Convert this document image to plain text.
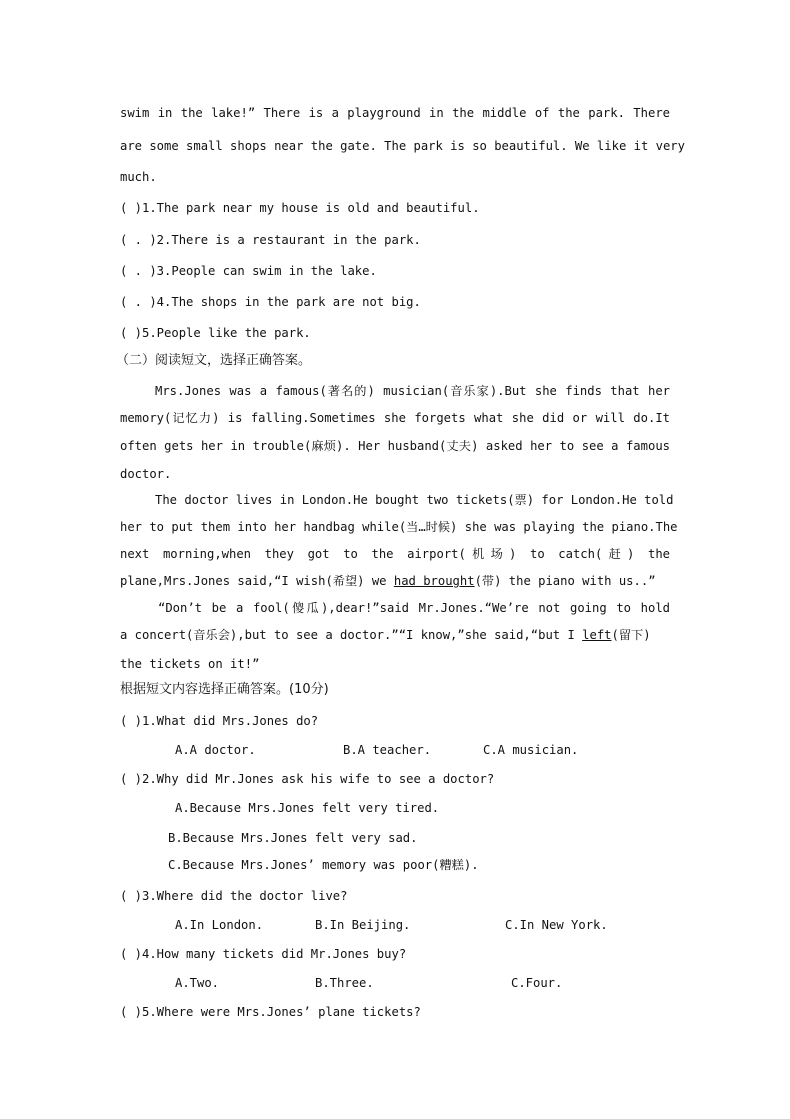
swim in the lake!” There is a playground in the middle of the park. There
are some small shops near the gate. The park is so beautiful. We like it very
much.
( )1.The park near my house is old and beautiful.
( . )2.There is a restaurant in the park.
( . )3.People can swim in the lake.
( . )4.The shops in the park are not big.
( )5.People like the park.
（二）阅读短文，选择正确答案。
Mrs.Jones was a famous(著名的) musician(音乐家).But she finds that her
memory(记忆力) is falling.Sometimes she forgets what she did or will do.It
often gets her in trouble(麻烦). Her husband(丈夫) asked her to see a famous
doctor.
The doctor lives in London.He bought two tickets(票) for London.He told
her to put them into her handbag while(当…时候) she was playing the piano.The
next morning,when they got to the airport(机场) to catch(赶) the
plane,Mrs.Jones said,“I wish(希望) we had brought(带) the piano with us..”
“Don’t be a fool(傻瓜),dear!”said Mr.Jones.“We’re not going to hold
a concert(音乐会),but to see a doctor.”“I know,”she said,“but I left(留下)
the tickets on it!”
根据短文内容选择正确答案。(10分)
( )1.What did Mrs.Jones do?
A.A doctor.	B.A teacher.	C.A musician.
( )2.Why did Mr.Jones ask his wife to see a doctor?
A.Because Mrs.Jones felt very tired.
B.Because Mrs.Jones felt very sad.
C.Because Mrs.Jones’ memory was poor(糟糕).
( )3.Where did the doctor live?
A.In London.	B.In Beijing.	C.In New York.
( )4.How many tickets did Mr.Jones buy?
A.Two.	B.Three.	C.Four.
( )5.Where were Mrs.Jones’ plane tickets?
